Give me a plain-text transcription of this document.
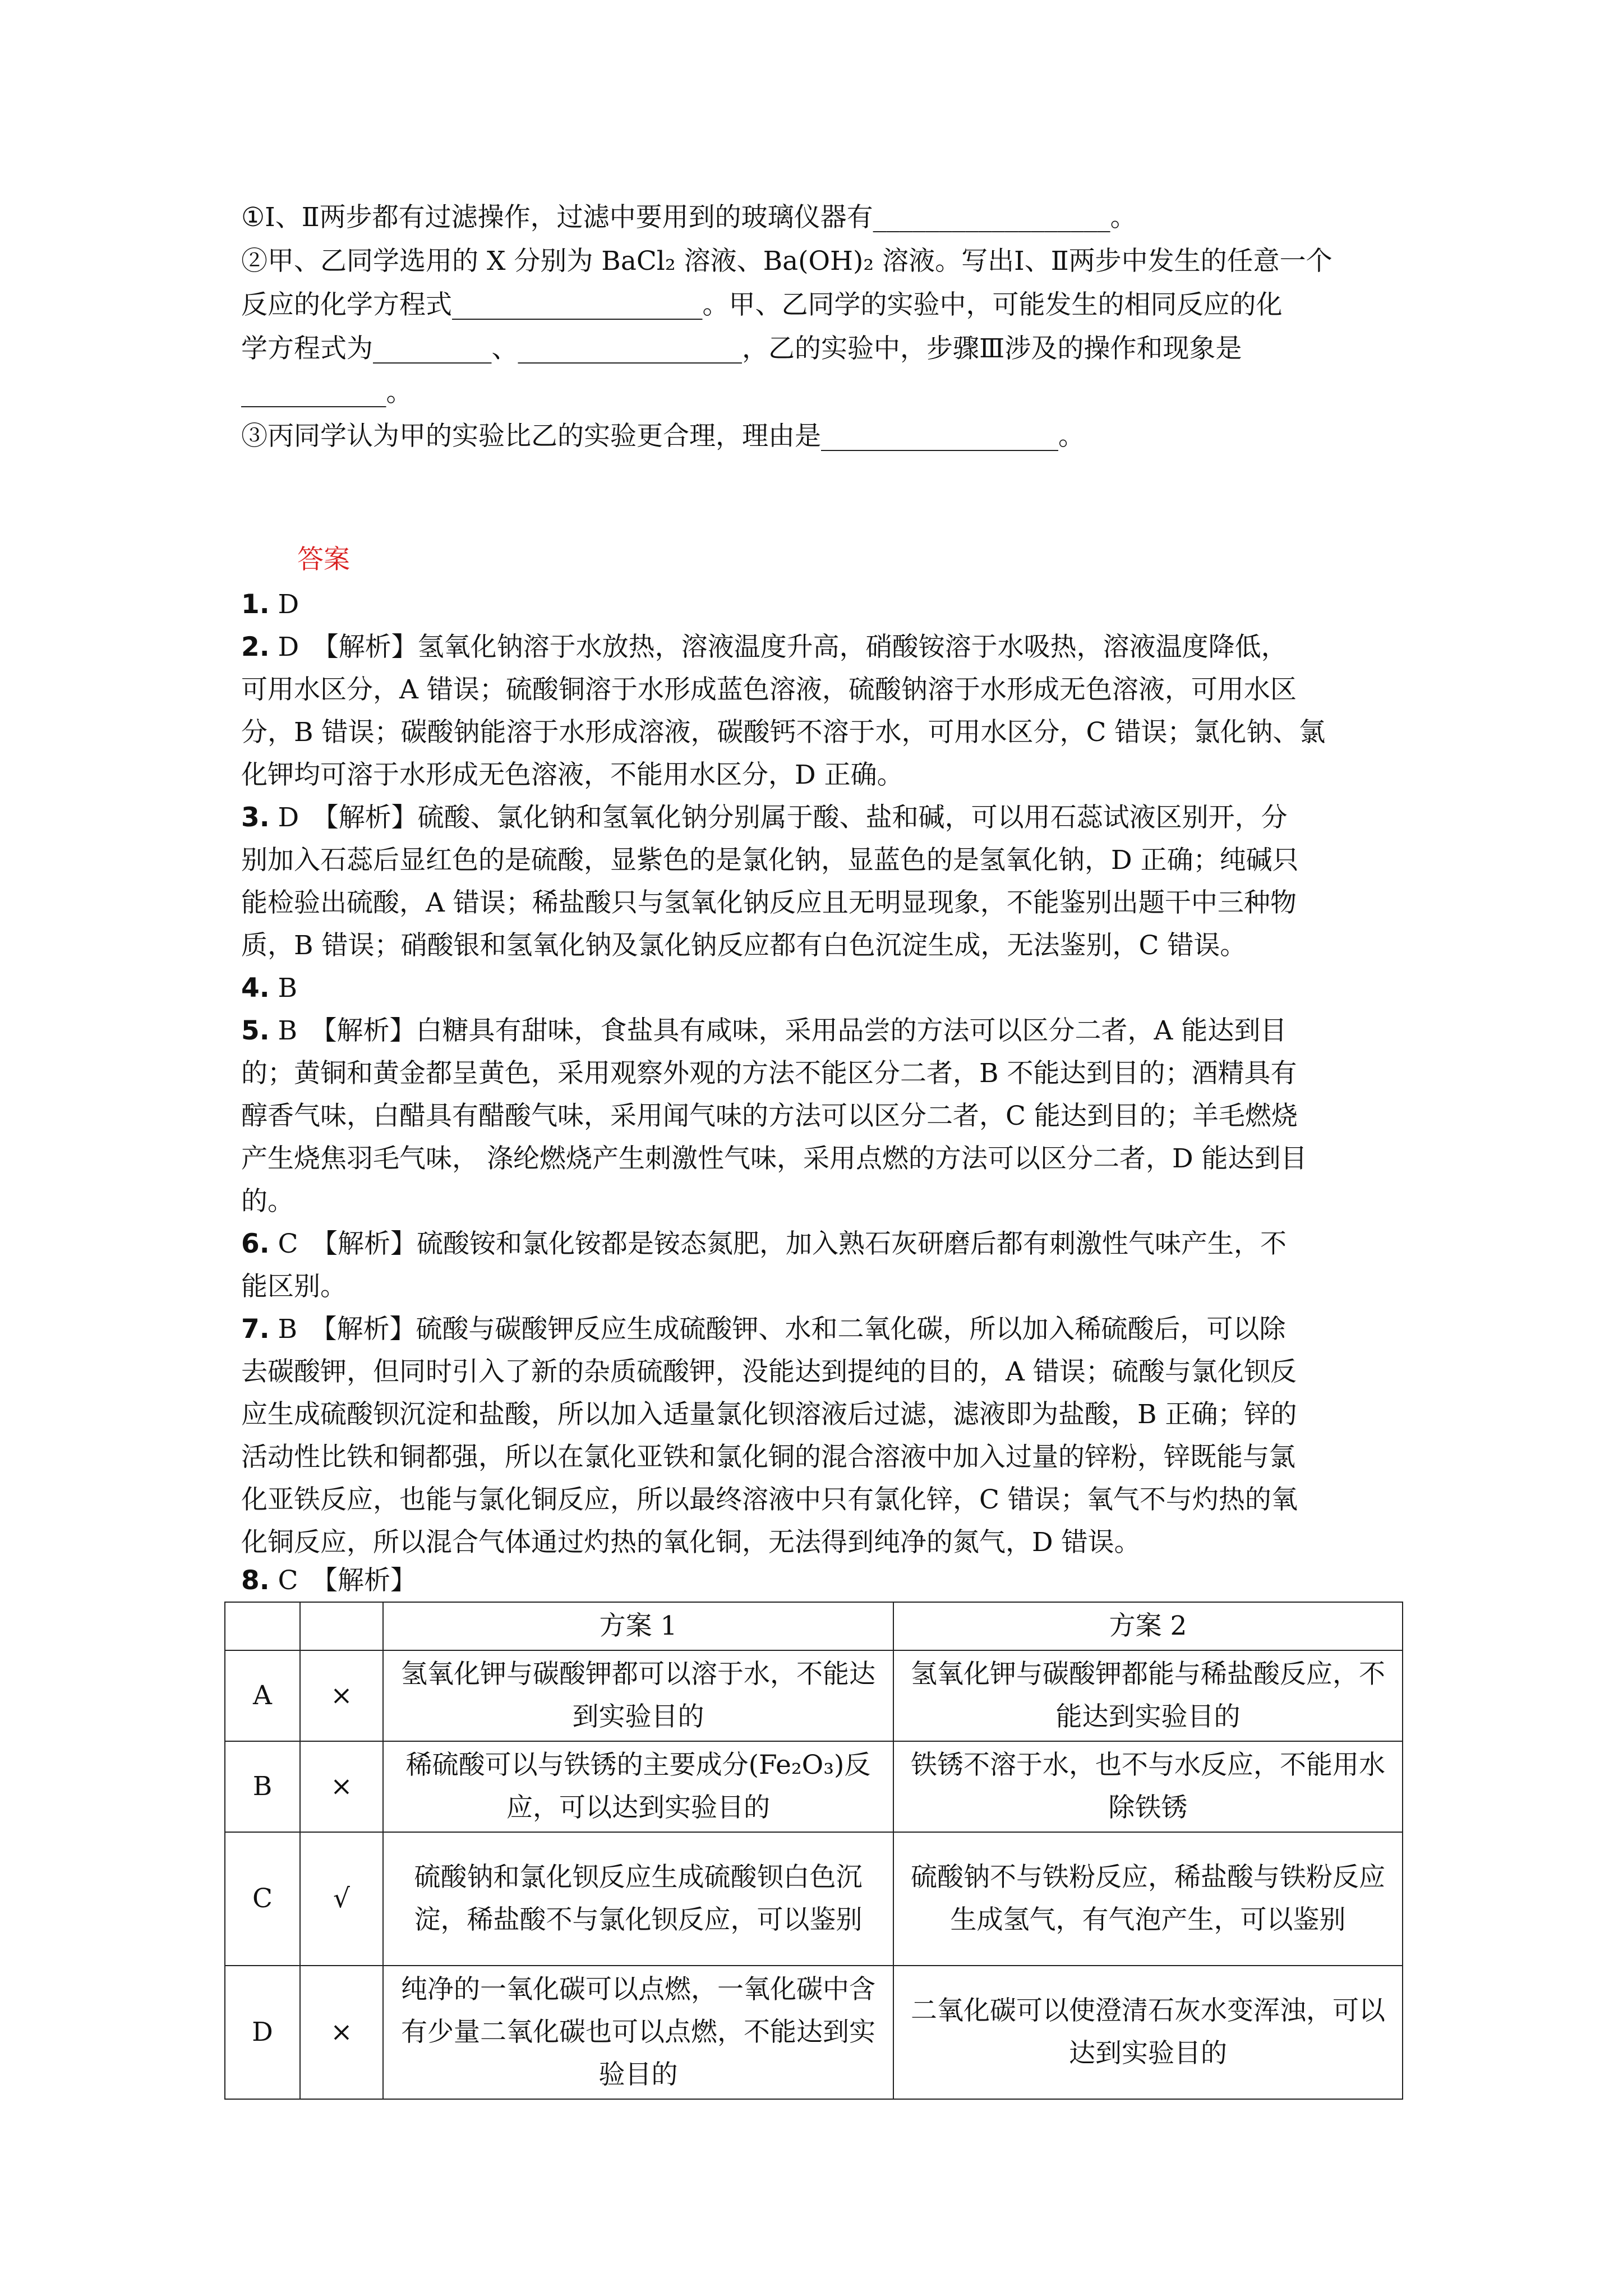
①Ⅰ、Ⅱ两步都有过滤操作，过滤中要用到的玻璃仪器有__________________。
②甲、乙同学选用的 X 分别为 BaCl₂ 溶液、Ba(OH)₂ 溶液。写出Ⅰ、Ⅱ两步中发生的任意一个
反应的化学方程式___________________。甲、乙同学的实验中，可能发生的相同反应的化
学方程式为_________、_________________，乙的实验中，步骤Ⅲ涉及的操作和现象是
___________。
③丙同学认为甲的实验比乙的实验更合理，理由是__________________。
答案
1. D
2. D　【解析】氢氧化钠溶于水放热，溶液温度升高，硝酸铵溶于水吸热，溶液温度降低，
可用水区分，A 错误；硫酸铜溶于水形成蓝色溶液，硫酸钠溶于水形成无色溶液，可用水区
分，B 错误；碳酸钠能溶于水形成溶液，碳酸钙不溶于水，可用水区分，C 错误；氯化钠、氯
化钾均可溶于水形成无色溶液，不能用水区分，D 正确。
3. D　【解析】硫酸、氯化钠和氢氧化钠分别属于酸、盐和碱，可以用石蕊试液区别开，分
别加入石蕊后显红色的是硫酸，显紫色的是氯化钠，显蓝色的是氢氧化钠，D 正确；纯碱只
能检验出硫酸，A 错误；稀盐酸只与氢氧化钠反应且无明显现象，不能鉴别出题干中三种物
质，B 错误；硝酸银和氢氧化钠及氯化钠反应都有白色沉淀生成，无法鉴别，C 错误。
4. B
5. B　【解析】白糖具有甜味，食盐具有咸味，采用品尝的方法可以区分二者，A 能达到目
的；黄铜和黄金都呈黄色，采用观察外观的方法不能区分二者，B 不能达到目的；酒精具有
醇香气味，白醋具有醋酸气味，采用闻气味的方法可以区分二者，C 能达到目的；羊毛燃烧
产生烧焦羽毛气味， 涤纶燃烧产生刺激性气味，采用点燃的方法可以区分二者，D 能达到目
的。
6. C　【解析】硫酸铵和氯化铵都是铵态氮肥，加入熟石灰研磨后都有刺激性气味产生，不
能区别。
7. B　【解析】硫酸与碳酸钾反应生成硫酸钾、水和二氧化碳，所以加入稀硫酸后，可以除
去碳酸钾，但同时引入了新的杂质硫酸钾，没能达到提纯的目的，A 错误；硫酸与氯化钡反
应生成硫酸钡沉淀和盐酸，所以加入适量氯化钡溶液后过滤，滤液即为盐酸，B 正确；锌的
活动性比铁和铜都强，所以在氯化亚铁和氯化铜的混合溶液中加入过量的锌粉，锌既能与氯
化亚铁反应，也能与氯化铜反应，所以最终溶液中只有氯化锌，C 错误；氧气不与灼热的氧
化铜反应，所以混合气体通过灼热的氧化铜，无法得到纯净的氮气，D 错误。
8. C　【解析】
		方案 1	方案 2
A	×	氢氧化钾与碳酸钾都可以溶于水，不能达到实验目的	氢氧化钾与碳酸钾都能与稀盐酸反应，不能达到实验目的
B	×	稀硫酸可以与铁锈的主要成分(Fe₂O₃)反应，可以达到实验目的	铁锈不溶于水，也不与水反应，不能用水除铁锈
C	√	硫酸钠和氯化钡反应生成硫酸钡白色沉淀，稀盐酸不与氯化钡反应，可以鉴别	硫酸钠不与铁粉反应，稀盐酸与铁粉反应生成氢气，有气泡产生，可以鉴别
D	×	纯净的一氧化碳可以点燃，一氧化碳中含有少量二氧化碳也可以点燃，不能达到实验目的	二氧化碳可以使澄清石灰水变浑浊，可以达到实验目的
